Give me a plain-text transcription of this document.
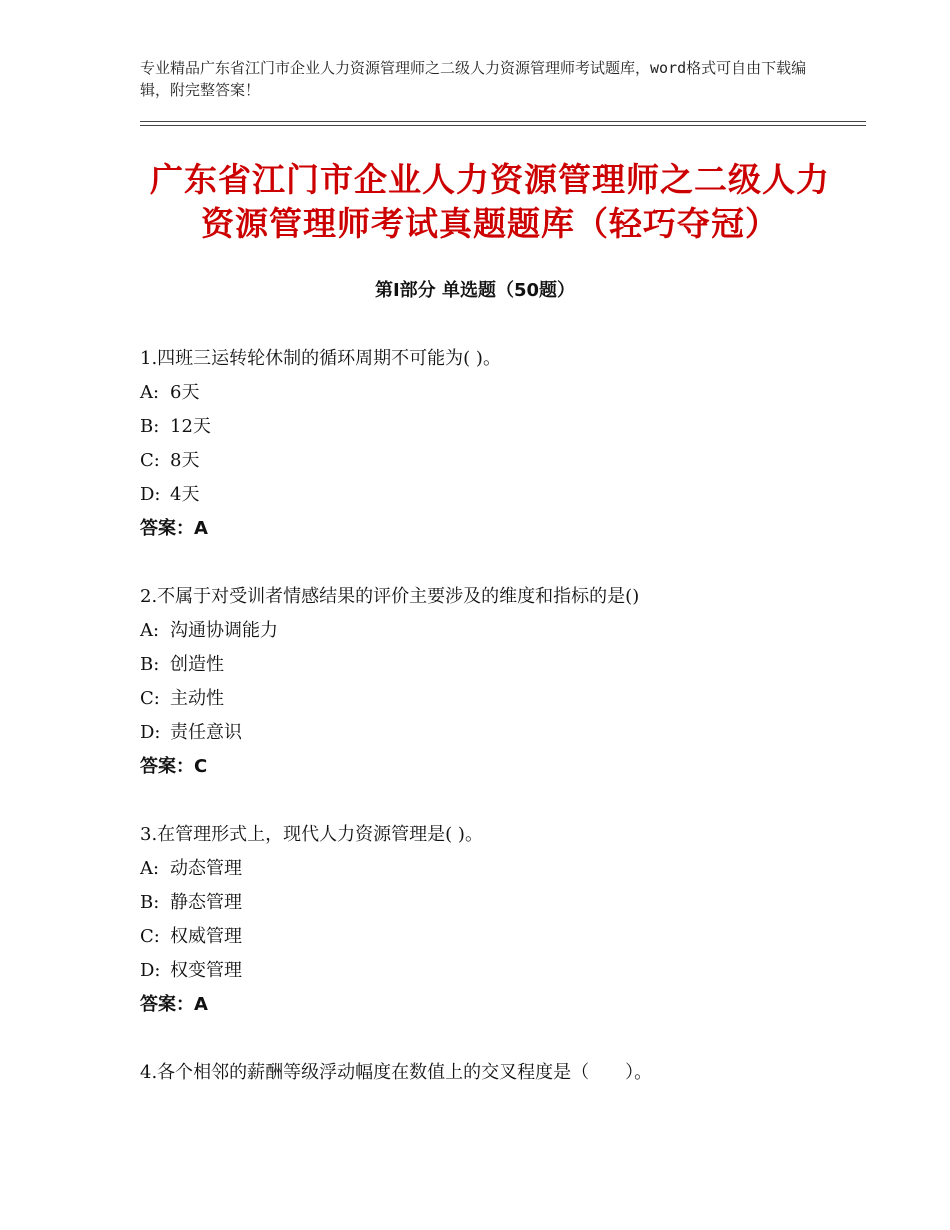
专业精品广东省江门市企业人力资源管理师之二级人力资源管理师考试题库，word格式可自由下载编辑，附完整答案！
广东省江门市企业人力资源管理师之二级人力资源管理师考试真题题库（轻巧夺冠）
第Ⅰ部分 单选题（50题）
1.四班三运转轮休制的循环周期不可能为( )。
A: 6天
B: 12天
C: 8天
D: 4天
答案：A
2.不属于对受训者情感结果的评价主要涉及的维度和指标的是()
A: 沟通协调能力
B: 创造性
C: 主动性
D: 责任意识
答案：C
3.在管理形式上，现代人力资源管理是( )。
A: 动态管理
B: 静态管理
C: 权威管理
D: 权变管理
答案：A
4.各个相邻的薪酬等级浮动幅度在数值上的交叉程度是（　　）。
